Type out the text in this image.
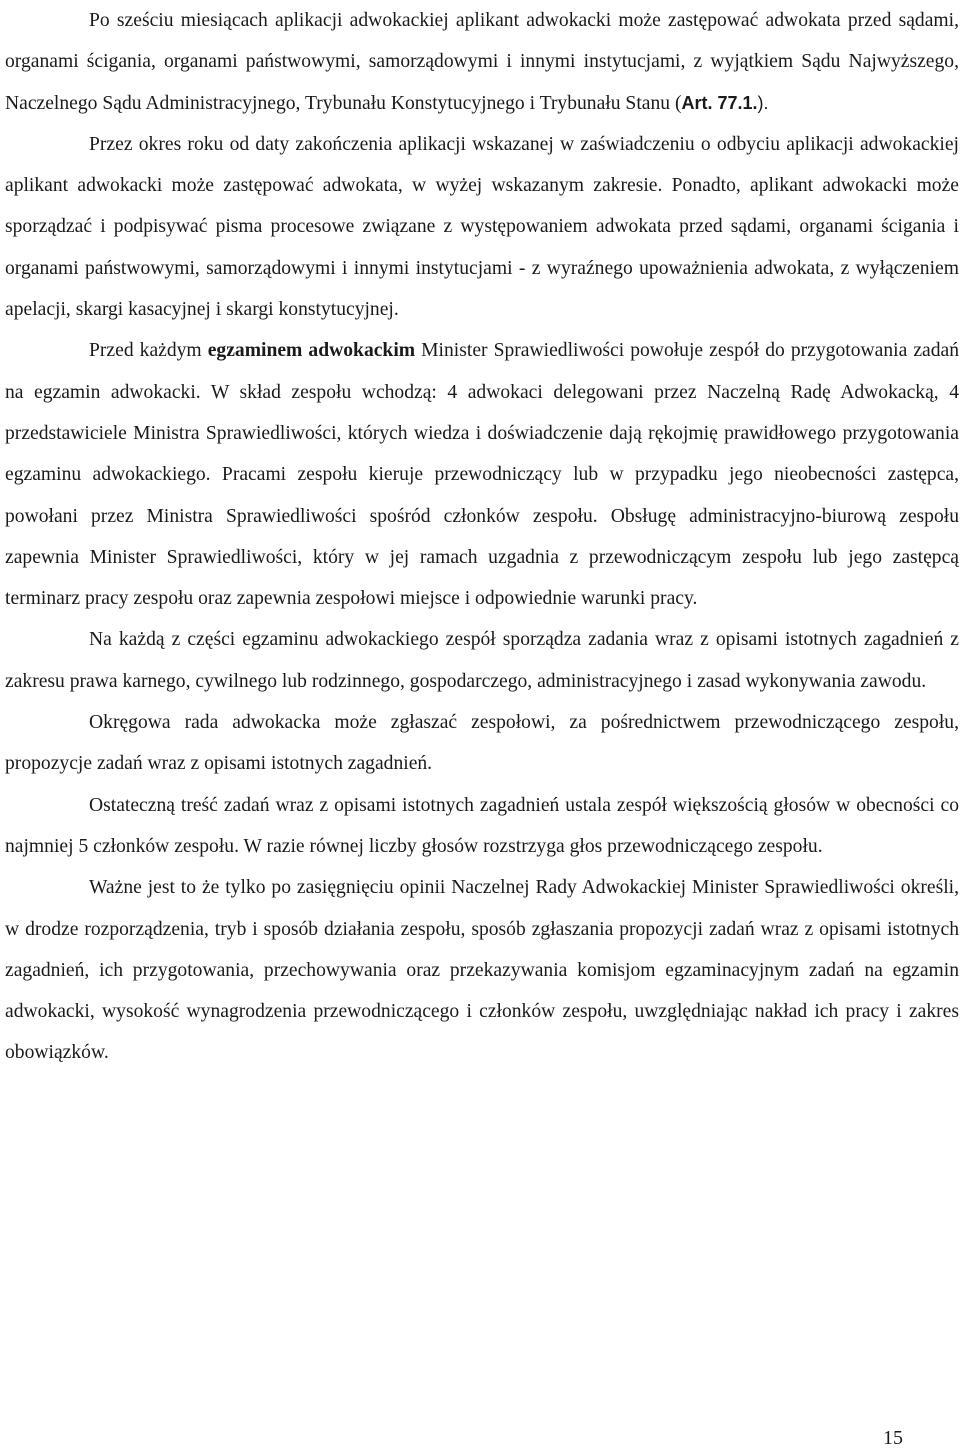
Po sześciu miesiącach aplikacji adwokackiej aplikant adwokacki może zastępować adwokata przed sądami, organami ścigania, organami państwowymi, samorządowymi i innymi instytucjami, z wyjątkiem Sądu Najwyższego, Naczelnego Sądu Administracyjnego, Trybunału Konstytucyjnego i Trybunału Stanu (Art. 77.1.).

Przez okres roku od daty zakończenia aplikacji wskazanej w zaświadczeniu o odbyciu aplikacji adwokackiej aplikant adwokacki może zastępować adwokata, w wyżej wskazanym zakresie. Ponadto, aplikant adwokacki może sporządzać i podpisywać pisma procesowe związane z występowaniem adwokata przed sądami, organami ścigania i organami państwowymi, samorządowymi i innymi instytucjami - z wyraźnego upoważnienia adwokata, z wyłączeniem apelacji, skargi kasacyjnej i skargi konstytucyjnej.

Przed każdym egzaminem adwokackim Minister Sprawiedliwości powołuje zespół do przygotowania zadań na egzamin adwokacki. W skład zespołu wchodzą: 4 adwokaci delegowani przez Naczelną Radę Adwokacką, 4 przedstawiciele Ministra Sprawiedliwości, których wiedza i doświadczenie dają rękojmię prawidłowego przygotowania egzaminu adwokackiego. Pracami zespołu kieruje przewodniczący lub w przypadku jego nieobecności zastępca, powołani przez Ministra Sprawiedliwości spośród członków zespołu. Obsługę administracyjno-biurową zespołu zapewnia Minister Sprawiedliwości, który w jej ramach uzgadnia z przewodniczącym zespołu lub jego zastępcą terminarz pracy zespołu oraz zapewnia zespołowi miejsce i odpowiednie warunki pracy.

Na każdą z części egzaminu adwokackiego zespół sporządza zadania wraz z opisami istotnych zagadnień z zakresu prawa karnego, cywilnego lub rodzinnego, gospodarczego, administracyjnego i zasad wykonywania zawodu.

Okręgowa rada adwokacka może zgłaszać zespołowi, za pośrednictwem przewodniczącego zespołu, propozycje zadań wraz z opisami istotnych zagadnień.

Ostateczną treść zadań wraz z opisami istotnych zagadnień ustala zespół większością głosów w obecności co najmniej 5 członków zespołu. W razie równej liczby głosów rozstrzyga głos przewodniczącego zespołu.

Ważne jest to że tylko po zasięgnięciu opinii Naczelnej Rady Adwokackiej Minister Sprawiedliwości określi, w drodze rozporządzenia, tryb i sposób działania zespołu, sposób zgłaszania propozycji zadań wraz z opisami istotnych zagadnień, ich przygotowania, przechowywania oraz przekazywania komisjom egzaminacyjnym zadań na egzamin adwokacki, wysokość wynagrodzenia przewodniczącego i członków zespołu, uwzględniając nakład ich pracy i zakres obowiązków.

15
